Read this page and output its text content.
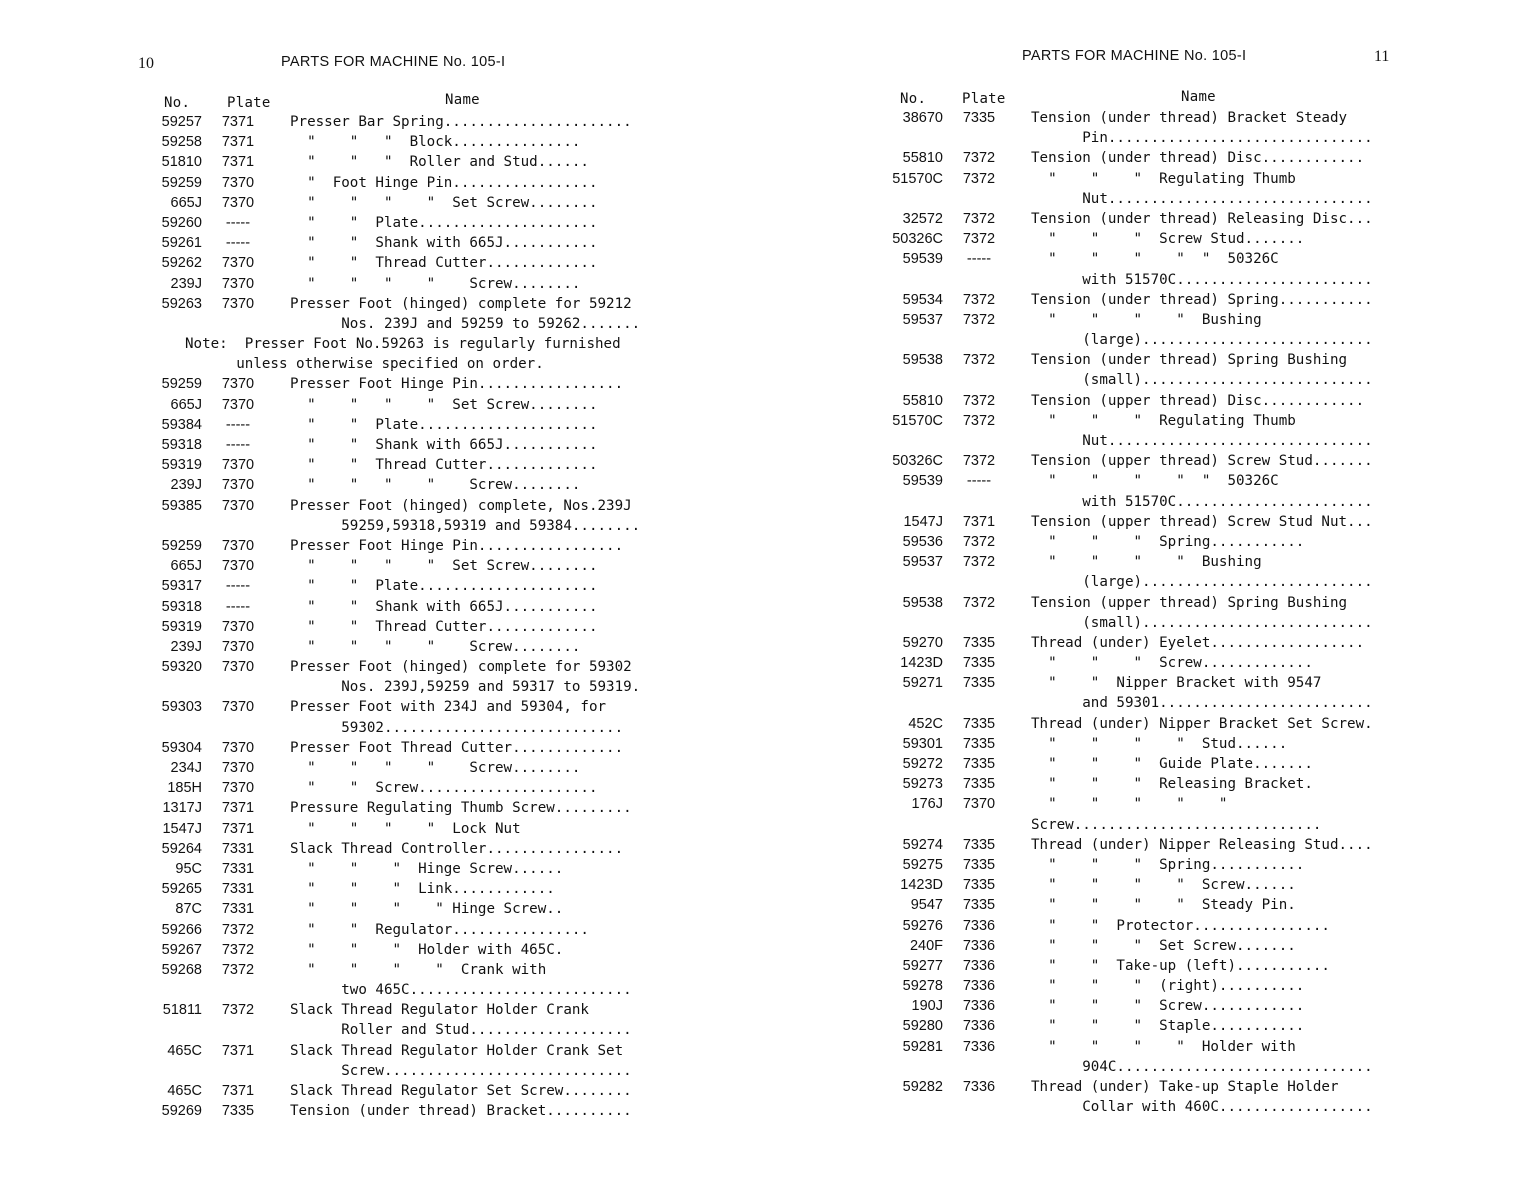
10	PARTS FOR MACHINE No. 105-I
No.	Plate	Name
59257	7371	Presser Bar Spring......................
59258	7371	"    "   "  Block...............
51810	7371	"    "   "  Roller and Stud......
59259	7370	"  Foot Hinge Pin.................
665J	7370	"    "   "    "  Set Screw........
59260	-----	"    "  Plate.....................
59261	-----	"    "  Shank with 665J...........
59262	7370	"    "  Thread Cutter.............
239J	7370	"    "   "    "    Screw........
59263	7370	Presser Foot (hinged) complete for 59212
Nos. 239J and 59259 to 59262.......
Note:  Presser Foot No.59263 is regularly furnished
unless otherwise specified on order.
59259	7370	Presser Foot Hinge Pin.................
665J	7370	"    "   "    "  Set Screw........
59384	-----	"    "  Plate.....................
59318	-----	"    "  Shank with 665J...........
59319	7370	"    "  Thread Cutter.............
239J	7370	"    "   "    "    Screw........
59385	7370	Presser Foot (hinged) complete, Nos.239J
59259,59318,59319 and 59384........
59259	7370	Presser Foot Hinge Pin.................
665J	7370	"    "   "    "  Set Screw........
59317	-----	"    "  Plate.....................
59318	-----	"    "  Shank with 665J...........
59319	7370	"    "  Thread Cutter.............
239J	7370	"    "   "    "    Screw........
59320	7370	Presser Foot (hinged) complete for 59302
Nos. 239J,59259 and 59317 to 59319.
59303	7370	Presser Foot with 234J and 59304, for
59302............................
59304	7370	Presser Foot Thread Cutter.............
234J	7370	"    "   "    "    Screw........
185H	7370	"    "  Screw.....................
1317J	7371	Pressure Regulating Thumb Screw.........
1547J	7371	"    "   "    "  Lock Nut
59264	7331	Slack Thread Controller................
95C	7331	"    "    "  Hinge Screw......
59265	7331	"    "    "  Link............
87C	7331	"    "    "    " Hinge Screw..
59266	7372	"    "  Regulator................
59267	7372	"    "    "  Holder with 465C.
59268	7372	"    "    "    "  Crank with
two 465C..........................
51811	7372	Slack Thread Regulator Holder Crank
Roller and Stud...................
465C	7371	Slack Thread Regulator Holder Crank Set
Screw.............................
465C	7371	Slack Thread Regulator Set Screw........
59269	7335	Tension (under thread) Bracket..........
PARTS FOR MACHINE No. 105-I	11
No.	Plate	Name
38670	7335	Tension (under thread) Bracket Steady
Pin...............................
55810	7372	Tension (under thread) Disc............
51570C	7372	"    "    "  Regulating Thumb
Nut...............................
32572	7372	Tension (under thread) Releasing Disc...
50326C	7372	"    "    "  Screw Stud.......
59539	-----	"    "    "    "  "  50326C
with 51570C.......................
59534	7372	Tension (under thread) Spring...........
59537	7372	"    "    "    "  Bushing
(large)...........................
59538	7372	Tension (under thread) Spring Bushing
(small)...........................
55810	7372	Tension (upper thread) Disc............
51570C	7372	"    "    "  Regulating Thumb
Nut...............................
50326C	7372	Tension (upper thread) Screw Stud.......
59539	-----	"    "    "    "  "  50326C
with 51570C.......................
1547J	7371	Tension (upper thread) Screw Stud Nut...
59536	7372	"    "    "  Spring...........
59537	7372	"    "    "    "  Bushing
(large)...........................
59538	7372	Tension (upper thread) Spring Bushing
(small)...........................
59270	7335	Thread (under) Eyelet..................
1423D	7335	"    "    "  Screw.............
59271	7335	"    "  Nipper Bracket with 9547
and 59301.........................
452C	7335	Thread (under) Nipper Bracket Set Screw.
59301	7335	"    "    "    "  Stud......
59272	7335	"    "    "  Guide Plate.......
59273	7335	"    "    "  Releasing Bracket.
176J	7370	"    "    "    "    "
Screw.............................
59274	7335	Thread (under) Nipper Releasing Stud....
59275	7335	"    "    "  Spring...........
1423D	7335	"    "    "    "  Screw......
9547	7335	"    "    "    "  Steady Pin.
59276	7336	"    "  Protector................
240F	7336	"    "    "  Set Screw.......
59277	7336	"    "  Take-up (left)...........
59278	7336	"    "    "  (right)..........
190J	7336	"    "    "  Screw............
59280	7336	"    "    "  Staple...........
59281	7336	"    "    "    "  Holder with
904C..............................
59282	7336	Thread (under) Take-up Staple Holder
Collar with 460C..................
